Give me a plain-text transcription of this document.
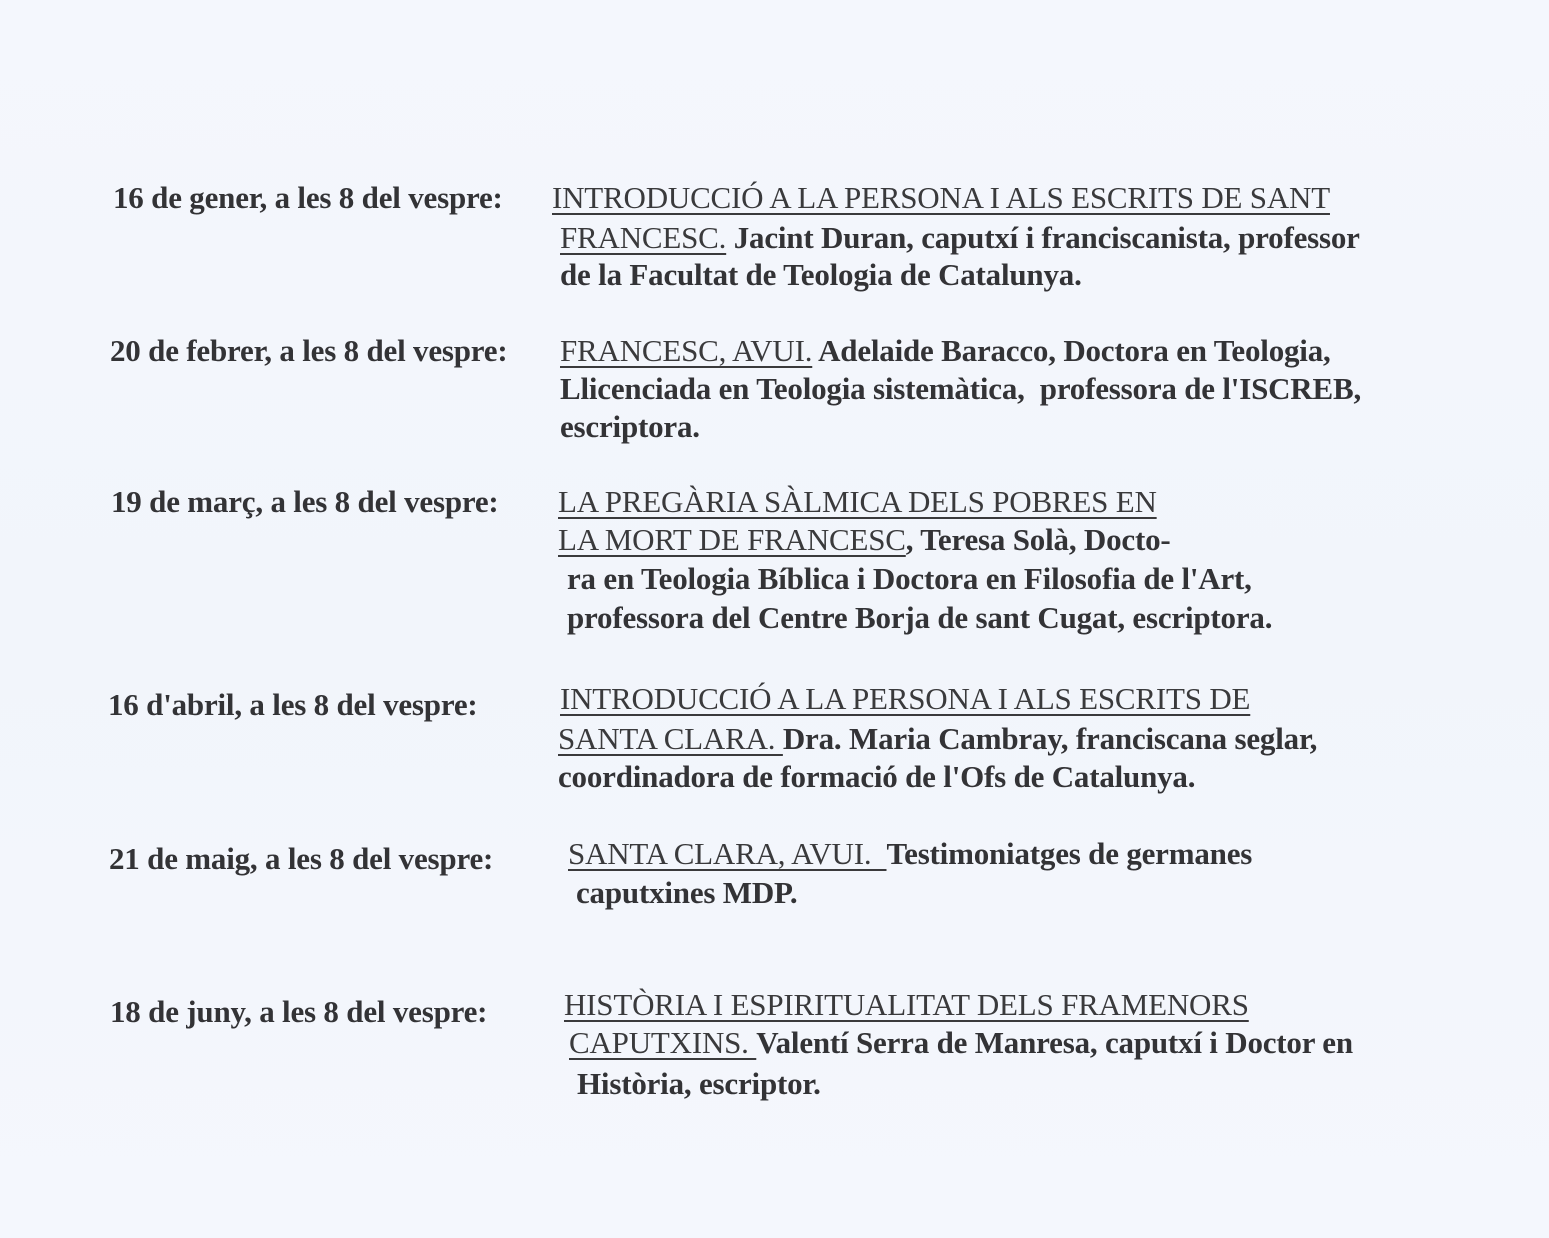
16 de gener, a les 8 del vespre: INTRODUCCIÓ A LA PERSONA I ALS ESCRITS DE SANT
FRANCESC. Jacint Duran, caputxí i franciscanista, professor
de la Facultat de Teologia de Catalunya.
20 de febrer, a les 8 del vespre: FRANCESC, AVUI. Adelaide Baracco, Doctora en Teologia,
Llicenciada en Teologia sistemàtica,  professora de l'ISCREB,
escriptora.
19 de març, a les 8 del vespre: LA PREGÀRIA SÀLMICA DELS POBRES EN
LA MORT DE FRANCESC, Teresa Solà, Docto-
ra en Teologia Bíblica i Doctora en Filosofia de l'Art,
professora del Centre Borja de sant Cugat, escriptora.
16 d'abril, a les 8 del vespre:	INTRODUCCIÓ A LA PERSONA I ALS ESCRITS DE
SANTA CLARA. Dra. Maria Cambray, franciscana seglar,
coordinadora de formació de l'Ofs de Catalunya.
21 de maig, a les 8 del vespre: SANTA CLARA, AVUI.  Testimoniatges de germanes
caputxines MDP.
18 de juny, a les 8 del vespre: HISTÒRIA I ESPIRITUALITAT DELS FRAMENORS
CAPUTXINS. Valentí Serra de Manresa, caputxí i Doctor en
Història, escriptor.
